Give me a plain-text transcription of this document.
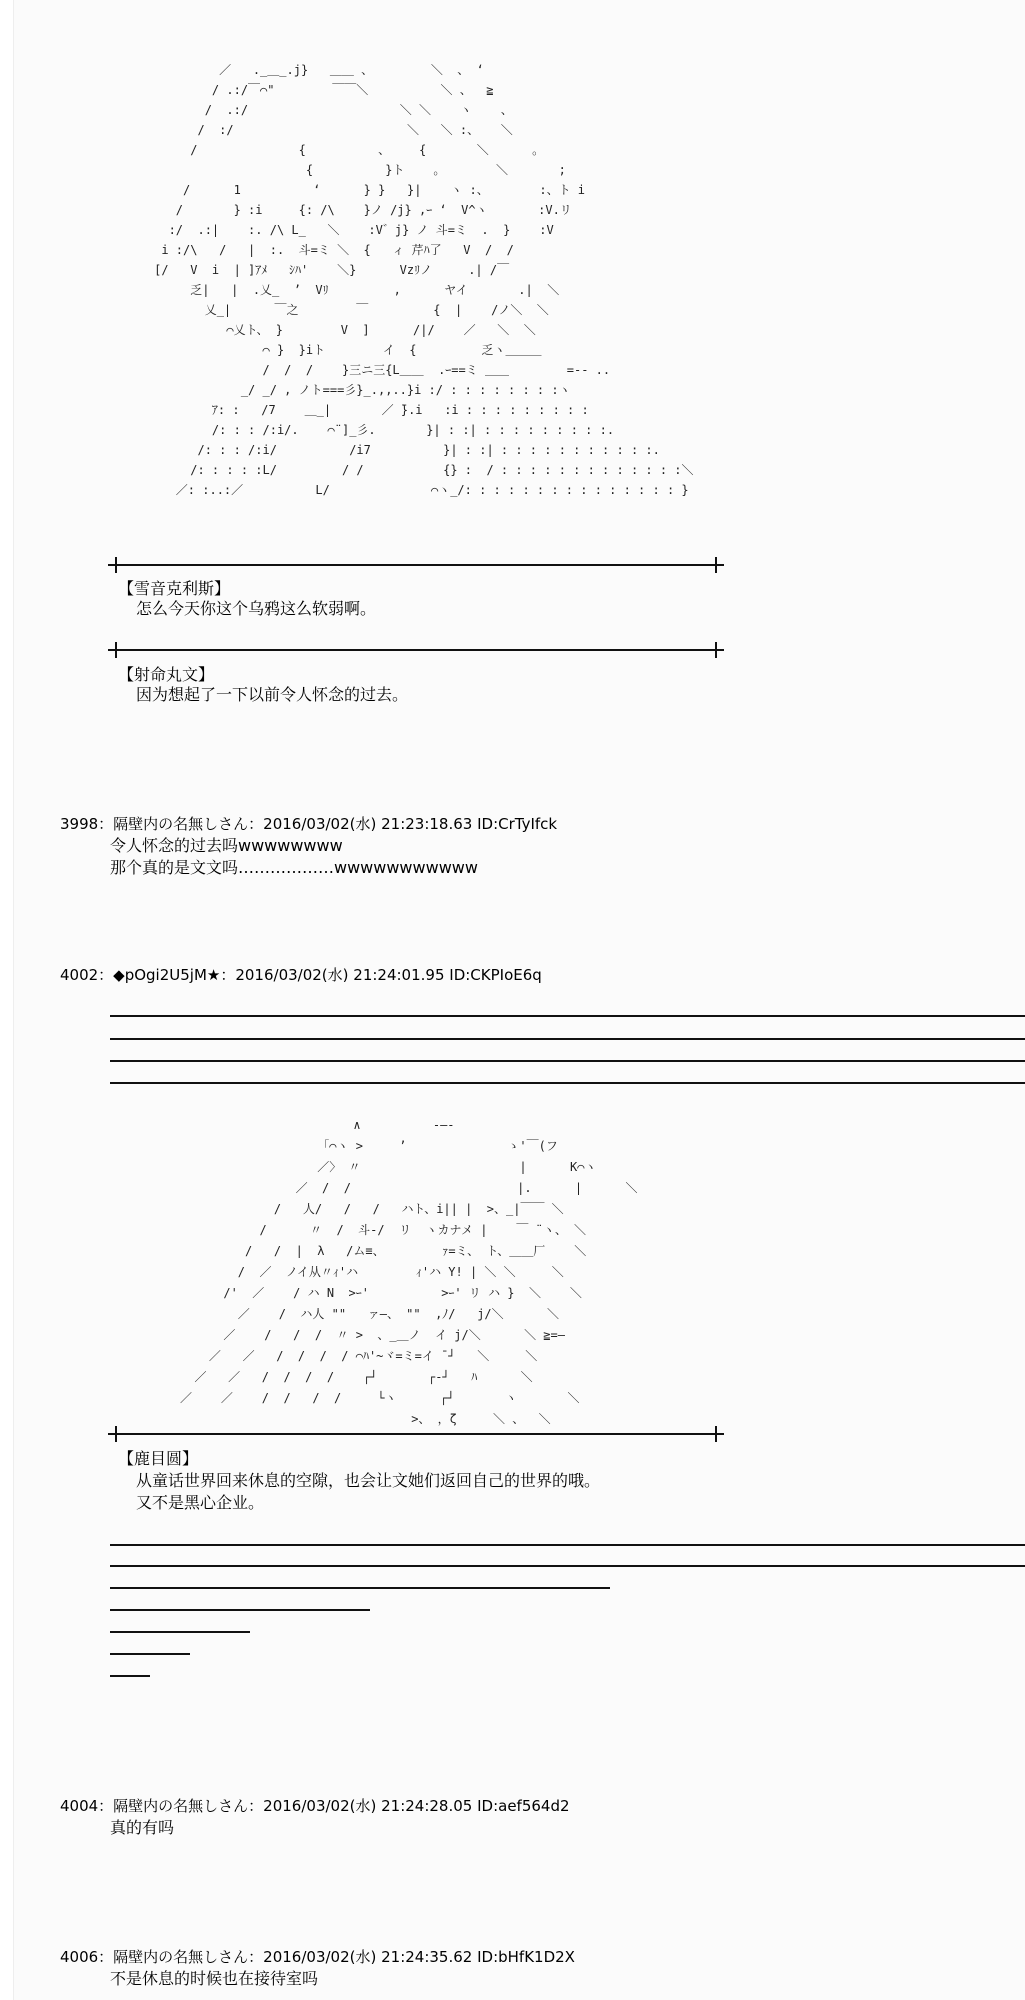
／   ._＿_.j}   ＿＿ 、        ＼  、 ‘
/ .:/￣⌒"        ￣￣＼          ＼ 、  ≧
/  .:/                     ＼ ＼    ヽ    、
/  :/                        ＼   ＼ :、   ＼
/              {          、    {       ＼      。
{          }ト    。       ＼       ;
/      1          ‘      } }   }|    ヽ :、       :、ト i
/       } :i     {: /\    }ノ /j} ,ｰ ‘  V^ヽ       :V.リ
:/  .:|    :. /\ L_   ＼    :V゛j} ノ 斗=ミ  .  }    :V
i :/\   /   |  :.  斗=ミ ＼  {   ィ 芹ﾊ了   V  /  /
[/   V  i  | ]ｱﾒ   ｼﾊ'    ＼}      Vzﾘノ     .| /￣
乏|   |  .乂_  ’  Vﾘ         ,      ヤイ       .|  ＼
乂_|      ￣之        ￣         {  |    /ノ＼  ＼
⌒乂ト、 }        V  ]      /|/    ／   ＼  ＼
⌒ }  }iト        イ  {         乏ヽ＿＿＿
/  /  /    }三ニ三{L＿＿  .ｰ==ミ ＿＿        =-- ..
_/ _/ , ノト===彡}_.,,..}i :/ : : : : : : : :ヽ
ｱ: :   /7    ＿_|       ／ ̄}.i   :i : : : : : : : : :
/: : : /:i/.    ⌒¨]_彡.       }| : :| : : : : : : : : :.
/: : : /:i/          /i7          }| : :| : : : : : : : : : : :.
/: : : : :L/         / /           {} :  / : : : : : : : : : : : : :＼
／: :..:／          L/              ⌒ヽ_/: : : : : : : : : : : : : : : }
【雪音克利斯】
怎么今天你这个乌鸦这么软弱啊。
【射命丸文】
因为想起了一下以前令人怀念的过去。
3998：隔壁内の名無しさん：2016/03/02(水) 21:23:18.63 ID:CrTyIfck
令人怀念的过去吗wwwwwwww
那个真的是文文吗………………wwwwwwwwwww
4002：◆pOgi2U5jM★：2016/03/02(水) 21:24:01.95 ID:CKPIoE6q
∧          -―-
「⌒ヽ >     ’              ゝ'￣(フ
／〉 〃                      |      K⌒ヽ
／  /  /                       |.      |      ＼
/   人/   /   /   ハト、i|| |  >、_|￣￣ ＼
/      〃  /  斗-/  リ  ヽカナメ |    ￣ ¨ヽ、 ＼
/   /  |  λ   /ム≡、        ｧ=ミ、 ト、＿＿厂    ＼
/  ／  ノイ从〃ｨ'ハ        ｨ'ハ Y! | ＼ ＼     ＼
/'  ／    / ハ N  >ｰ'          >ｰ' リ ハ }  ＼    ＼
／    /  ハ人 ""   ァ―、 ""  ,ﾉ/   j/＼      ＼
／    /   /  /  〃 >  、_＿ノ  イ j/＼      ＼ ≧=―
／   ／   /  /  /  / ⌒ﾊ'~ヾ=ミ=イ ̄ ┘   ＼     ＼
／   ／   /  /  /  /    ┌┘       ┌-┘   ﾊ      ＼
／    ／    /  /   /  /     └ヽ      ┌┘       ヽ       ＼
>、 ，ζ     ＼ 、  ＼
【鹿目圆】
从童话世界回来休息的空隙，也会让文她们返回自己的世界的哦。
又不是黑心企业。
4004：隔壁内の名無しさん：2016/03/02(水) 21:24:28.05 ID:aef564d2
真的有吗
4006：隔壁内の名無しさん：2016/03/02(水) 21:24:35.62 ID:bHfK1D2X
不是休息的时候也在接待室吗
